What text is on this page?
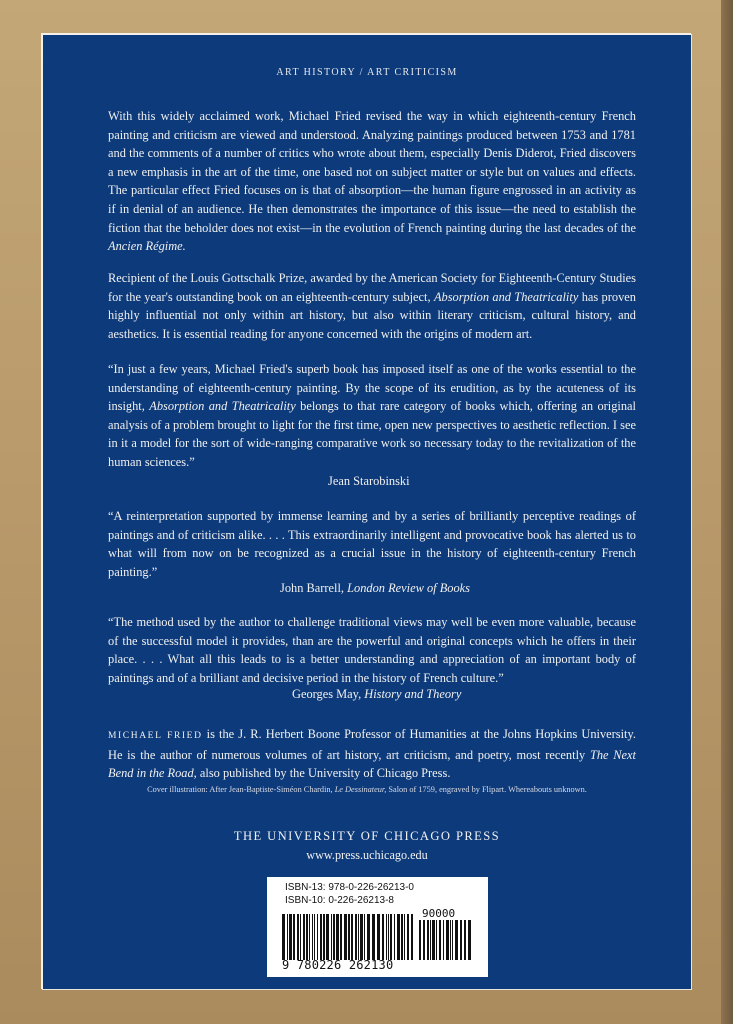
ART HISTORY / ART CRITICISM

With this widely acclaimed work, Michael Fried revised the way in which eighteenth-century French painting and criticism are viewed and understood. Analyzing paintings produced between 1753 and 1781 and the comments of a number of critics who wrote about them, especially Denis Diderot, Fried discovers a new emphasis in the art of the time, one based not on subject matter or style but on values and effects. The particular effect Fried focuses on is that of absorption—the human figure engrossed in an activity as if in denial of an audience. He then demonstrates the importance of this issue—the need to establish the fiction that the beholder does not exist—in the evolution of French painting during the last decades of the Ancien Régime.

Recipient of the Louis Gottschalk Prize, awarded by the American Society for Eighteenth-Century Studies for the year's outstanding book on an eighteenth-century subject, Absorption and Theatricality has proven highly influential not only within art history, but also within literary criticism, cultural history, and aesthetics. It is essential reading for anyone concerned with the origins of modern art.

“In just a few years, Michael Fried's superb book has imposed itself as one of the works essential to the understanding of eighteenth-century painting. By the scope of its erudition, as by the acuteness of its insight, Absorption and Theatricality belongs to that rare category of books which, offering an original analysis of a problem brought to light for the first time, open new perspectives to aesthetic reflection. I see in it a model for the sort of wide-ranging comparative work so necessary today to the revitalization of the human sciences.”

Jean Starobinski

“A reinterpretation supported by immense learning and by a series of brilliantly perceptive readings of paintings and of criticism alike. . . . This extraordinarily intelligent and provocative book has alerted us to what will from now on be recognized as a crucial issue in the history of eighteenth-century French painting.”

John Barrell, London Review of Books

“The method used by the author to challenge traditional views may well be even more valuable, because of the successful model it provides, than are the powerful and original concepts which he offers in their place. . . . What all this leads to is a better understanding and appreciation of an important body of paintings and of a brilliant and decisive period in the history of French culture.”

Georges May, History and Theory

MICHAEL FRIED is the J. R. Herbert Boone Professor of Humanities at the Johns Hopkins University. He is the author of numerous volumes of art history, art criticism, and poetry, most recently The Next Bend in the Road, also published by the University of Chicago Press.

Cover illustration: After Jean-Baptiste-Siméon Chardin, Le Dessinateur, Salon of 1759, engraved by Flipart. Whereabouts unknown.
THE UNIVERSITY OF CHICAGO PRESS
www.press.uchicago.edu
ISBN-13: 978-0-226-26213-0
ISBN-10: 0-226-26213-8
90000
9 780226 262130
